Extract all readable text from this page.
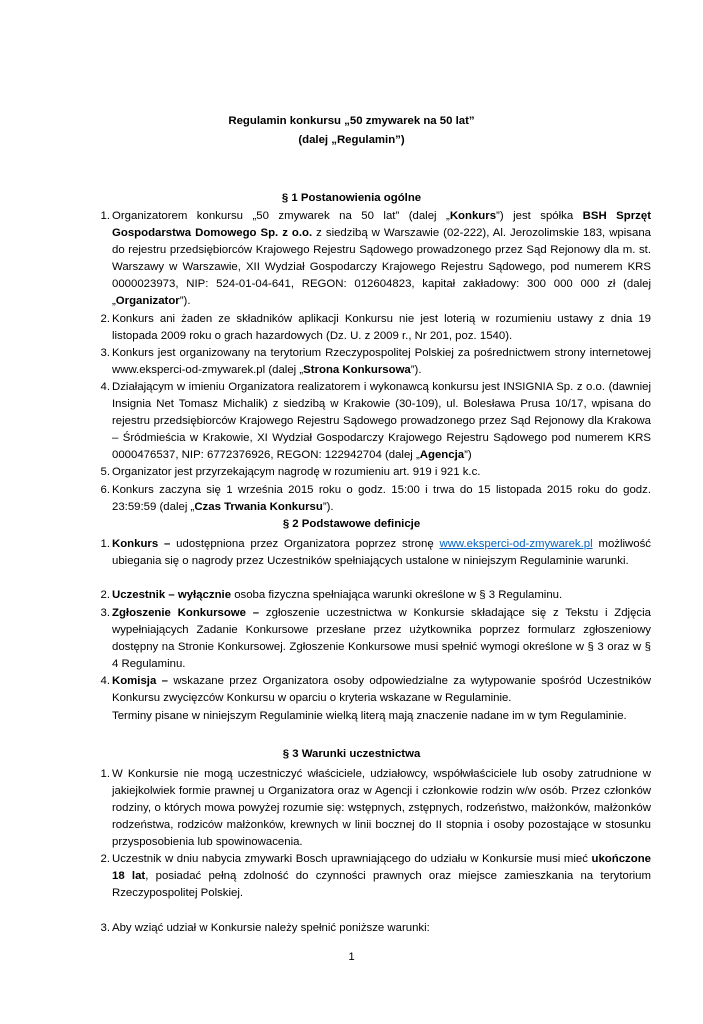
Regulamin konkursu „50 zmywarek na 50 lat”
(dalej „Regulamin”)
§ 1 Postanowienia ogólne
1. Organizatorem konkursu „50 zmywarek na 50 lat” (dalej „Konkurs”) jest spółka BSH Sprzęt Gospodarstwa Domowego Sp. z o.o. z siedzibą w Warszawie (02-222), Al. Jerozolimskie 183, wpisana do rejestru przedsiębiorców Krajowego Rejestru Sądowego prowadzonego przez Sąd Rejonowy dla m. st. Warszawy w Warszawie, XII Wydział Gospodarczy Krajowego Rejestru Sądowego, pod numerem KRS 0000023973, NIP: 524-01-04-641, REGON: 012604823, kapitał zakładowy: 300 000 000 zł (dalej „Organizator”).
2. Konkurs ani żaden ze składników aplikacji Konkursu nie jest loterią w rozumieniu ustawy z dnia 19 listopada 2009 roku o grach hazardowych (Dz. U. z 2009 r., Nr 201, poz. 1540).
3. Konkurs jest organizowany na terytorium Rzeczypospolitej Polskiej za pośrednictwem strony internetowej www.eksperci-od-zmywarek.pl (dalej „Strona Konkursowa”).
4. Działającym w imieniu Organizatora realizatorem i wykonawcą konkursu jest INSIGNIA Sp. z o.o. (dawniej Insignia Net Tomasz Michalik) z siedzibą w Krakowie (30-109), ul. Bolesława Prusa 10/17, wpisana do rejestru przedsiębiorców Krajowego Rejestru Sądowego prowadzonego przez Sąd Rejonowy dla Krakowa – Śródmieścia w Krakowie, XI Wydział Gospodarczy Krajowego Rejestru Sądowego pod numerem KRS 0000476537, NIP: 6772376926, REGON: 122942704 (dalej „Agencja”)
5. Organizator jest przyrzekającym nagrodę w rozumieniu art. 919 i 921 k.c.
6. Konkurs zaczyna się 1 września 2015 roku o godz. 15:00 i trwa do 15 listopada 2015 roku do godz. 23:59:59 (dalej „Czas Trwania Konkursu”).
§ 2 Podstawowe definicje
1. Konkurs – udostępniona przez Organizatora poprzez stronę www.eksperci-od-zmywarek.pl możliwość ubiegania się o nagrody przez Uczestników spełniających ustalone w niniejszym Regulaminie warunki.
2. Uczestnik – wyłącznie osoba fizyczna spełniająca warunki określone w § 3 Regulaminu.
3. Zgłoszenie Konkursowe – zgłoszenie uczestnictwa w Konkursie składające się z Tekstu i Zdjęcia wypełniających Zadanie Konkursowe przesłane przez użytkownika poprzez formularz zgłoszeniowy dostępny na Stronie Konkursowej. Zgłoszenie Konkursowe musi spełnić wymogi określone w § 3 oraz w § 4 Regulaminu.
4. Komisja – wskazane przez Organizatora osoby odpowiedzialne za wytypowanie spośród Uczestników Konkursu zwycięzców Konkursu w oparciu o kryteria wskazane w Regulaminie.
Terminy pisane w niniejszym Regulaminie wielką literą mają znaczenie nadane im w tym Regulaminie.
§ 3 Warunki uczestnictwa
1. W Konkursie nie mogą uczestniczyć właściciele, udziałowcy, współwłaściciele lub osoby zatrudnione w jakiejkolwiek formie prawnej u Organizatora oraz w Agencji i członkowie rodzin w/w osób. Przez członków rodziny, o których mowa powyżej rozumie się: wstępnych, zstępnych, rodzeństwo, małżonków, małżonków rodzeństwa, rodziców małżonków, krewnych w linii bocznej do II stopnia i osoby pozostające w stosunku przysposobienia lub spowinowacenia.
2. Uczestnik w dniu nabycia zmywarki Bosch uprawniającego do udziału w Konkursie musi mieć ukończone 18 lat, posiadać pełną zdolność do czynności prawnych oraz miejsce zamieszkania na terytorium Rzeczypospolitej Polskiej.
3. Aby wziąć udział w Konkursie należy spełnić poniższe warunki:
1
